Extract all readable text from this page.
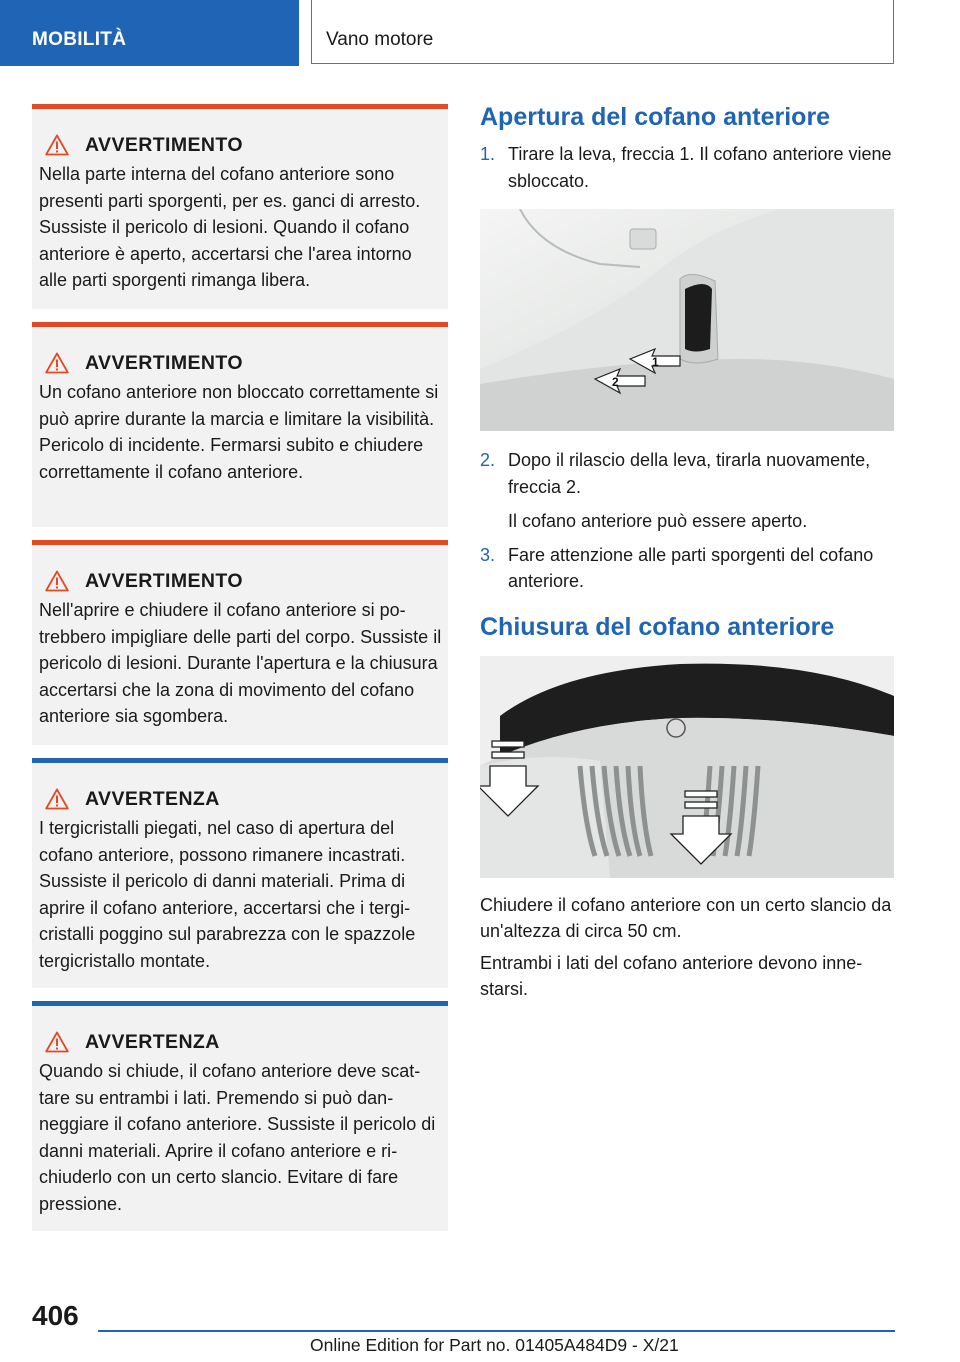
MOBILITÀ	Vano motore
AVVERTIMENTO
Nella parte interna del cofano anteriore sono presenti parti sporgenti, per es. ganci di arresto. Sussiste il pericolo di lesioni. Quando il cofano anteriore è aperto, accertarsi che l'area intorno alle parti sporgenti rimanga libera.
AVVERTIMENTO
Un cofano anteriore non bloccato correttamente si può aprire durante la marcia e limitare la visibilità. Pericolo di incidente. Fermarsi subito e chiudere correttamente il cofano anteriore.
AVVERTIMENTO
Nell'aprire e chiudere il cofano anteriore si potrebbero impigliare delle parti del corpo. Sussiste il pericolo di lesioni. Durante l'apertura e la chiusura accertarsi che la zona di movimento del cofano anteriore sia sgombera.
AVVERTENZA
I tergicristalli piegati, nel caso di apertura del cofano anteriore, possono rimanere incastrati. Sussiste il pericolo di danni materiali. Prima di aprire il cofano anteriore, accertarsi che i tergicristalli poggino sul parabrezza con le spazzole tergicristallo montate.
AVVERTENZA
Quando si chiude, il cofano anteriore deve scattare su entrambi i lati. Premendo si può danneggiare il cofano anteriore. Sussiste il pericolo di danni materiali. Aprire il cofano anteriore e richiuderlo con un certo slancio. Evitare di fare pressione.
Apertura del cofano anteriore
1. Tirare la leva, freccia 1. Il cofano anteriore viene sbloccato.

1
2
2. Dopo il rilascio della leva, tirarla nuovamente, freccia 2.

Il cofano anteriore può essere aperto.

3. Fare attenzione alle parti sporgenti del cofano anteriore.

Chiusura del cofano anteriore

Chiudere il cofano anteriore con un certo slancio da un'altezza di circa 50 cm.

Entrambi i lati del cofano anteriore devono innestarsi.

406
Online Edition for Part no. 01405A484D9 - X/21
